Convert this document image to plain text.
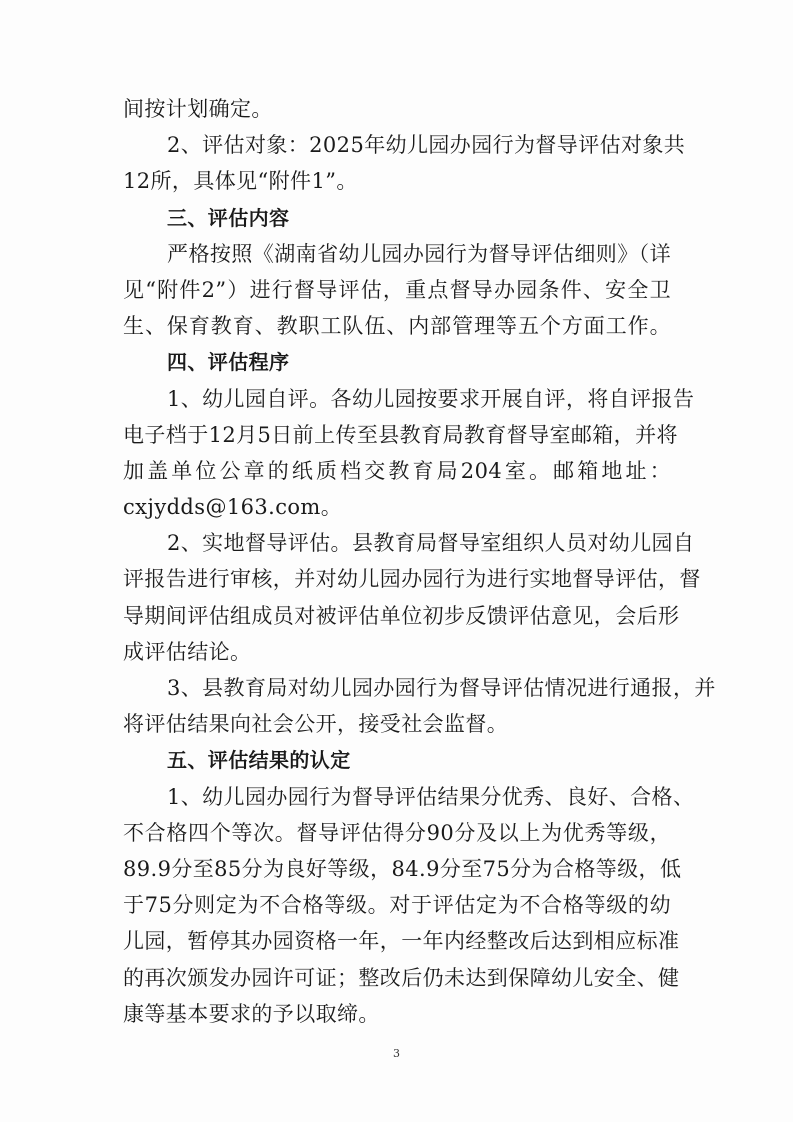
间按计划确定。
2、评估对象：2025年幼儿园办园行为督导评估对象共
12所，具体见“附件1”。
三、评估内容
严格按照《湖南省幼儿园办园行为督导评估细则》（详
见“附件2”）进行督导评估，重点督导办园条件、安全卫
生、保育教育、教职工队伍、内部管理等五个方面工作。
四、评估程序
1、幼儿园自评。各幼儿园按要求开展自评，将自评报告
电子档于12月5日前上传至县教育局教育督导室邮箱，并将
加盖单位公章的纸质档交教育局204室。邮箱地址：
cxjydds@163.com。
2、实地督导评估。县教育局督导室组织人员对幼儿园自
评报告进行审核，并对幼儿园办园行为进行实地督导评估，督
导期间评估组成员对被评估单位初步反馈评估意见，会后形
成评估结论。
3、县教育局对幼儿园办园行为督导评估情况进行通报，并
将评估结果向社会公开，接受社会监督。
五、评估结果的认定
1、幼儿园办园行为督导评估结果分优秀、良好、合格、
不合格四个等次。督导评估得分90分及以上为优秀等级，
89.9分至85分为良好等级，84.9分至75分为合格等级，低
于75分则定为不合格等级。对于评估定为不合格等级的幼
儿园，暂停其办园资格一年，一年内经整改后达到相应标准
的再次颁发办园许可证；整改后仍未达到保障幼儿安全、健
康等基本要求的予以取缔。
3
